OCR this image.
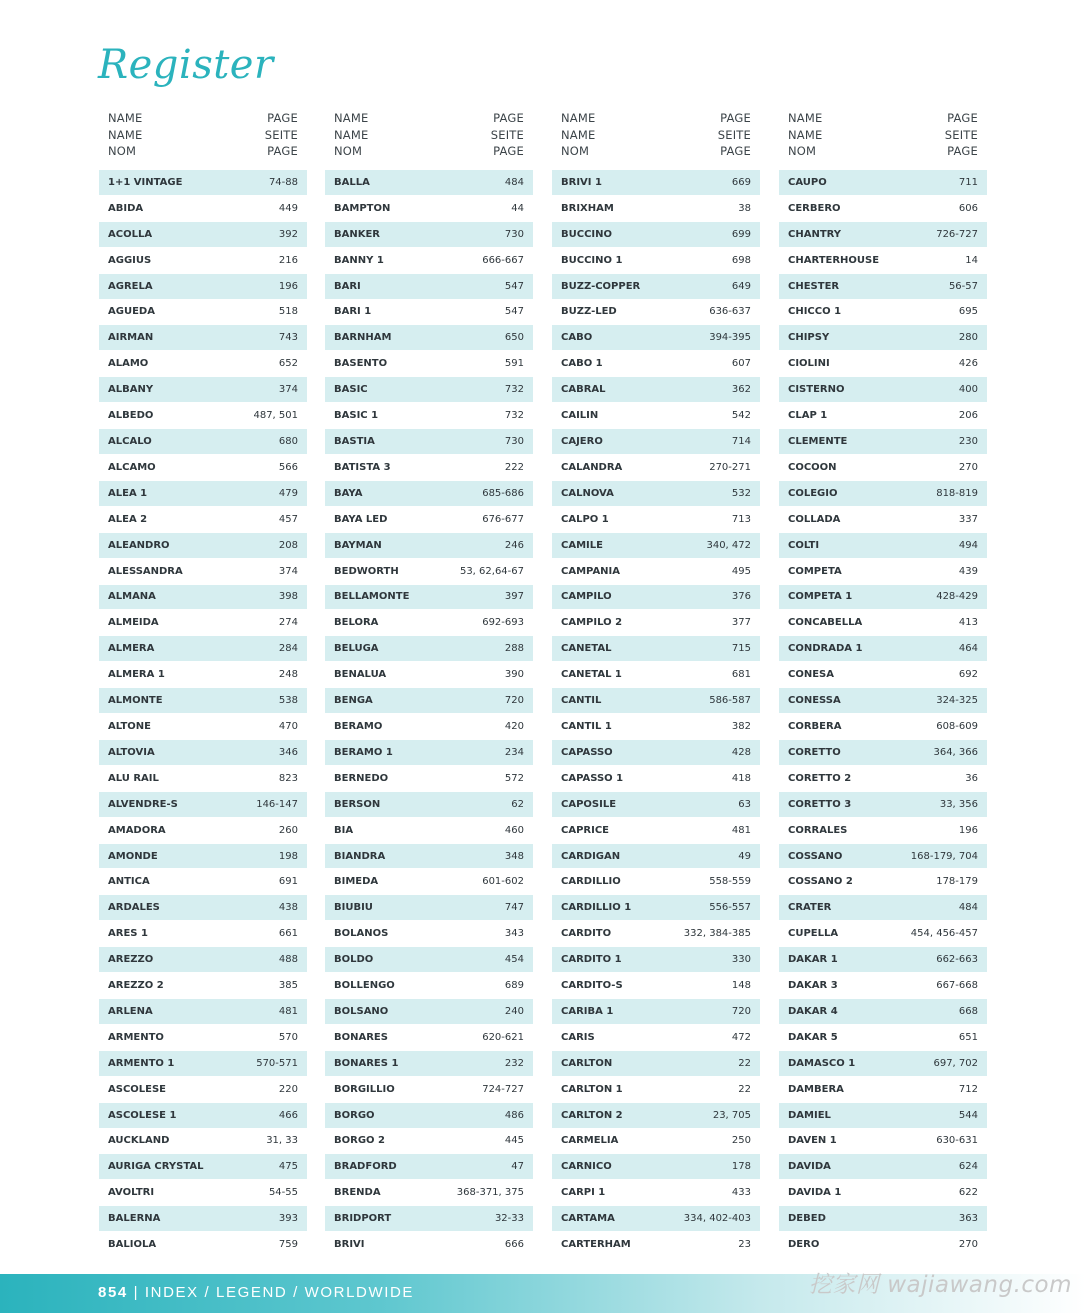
Register
NAME	PAGE
NAME	SEITE
NOM	PAGE
1+1 VINTAGE	74-88
ABIDA	449
ACOLLA	392
AGGIUS	216
AGRELA	196
AGUEDA	518
AIRMAN	743
ALAMO	652
ALBANY	374
ALBEDO	487, 501
ALCALO	680
ALCAMO	566
ALEA 1	479
ALEA 2	457
ALEANDRO	208
ALESSANDRA	374
ALMANA	398
ALMEIDA	274
ALMERA	284
ALMERA 1	248
ALMONTE	538
ALTONE	470
ALTOVIA	346
ALU RAIL	823
ALVENDRE-S	146-147
AMADORA	260
AMONDE	198
ANTICA	691
ARDALES	438
ARES 1	661
AREZZO	488
AREZZO 2	385
ARLENA	481
ARMENTO	570
ARMENTO 1	570-571
ASCOLESE	220
ASCOLESE 1	466
AUCKLAND	31, 33
AURIGA CRYSTAL	475
AVOLTRI	54-55
BALERNA	393
BALIOLA	759
NAME	PAGE
NAME	SEITE
NOM	PAGE
BALLA	484
BAMPTON	44
BANKER	730
BANNY 1	666-667
BARI	547
BARI 1	547
BARNHAM	650
BASENTO	591
BASIC	732
BASIC 1	732
BASTIA	730
BATISTA 3	222
BAYA	685-686
BAYA LED	676-677
BAYMAN	246
BEDWORTH	53, 62,64-67
BELLAMONTE	397
BELORA	692-693
BELUGA	288
BENALUA	390
BENGA	720
BERAMO	420
BERAMO 1	234
BERNEDO	572
BERSON	62
BIA	460
BIANDRA	348
BIMEDA	601-602
BIUBIU	747
BOLANOS	343
BOLDO	454
BOLLENGO	689
BOLSANO	240
BONARES	620-621
BONARES 1	232
BORGILLIO	724-727
BORGO	486
BORGO 2	445
BRADFORD	47
BRENDA	368-371, 375
BRIDPORT	32-33
BRIVI	666
NAME	PAGE
NAME	SEITE
NOM	PAGE
BRIVI 1	669
BRIXHAM	38
BUCCINO	699
BUCCINO 1	698
BUZZ-COPPER	649
BUZZ-LED	636-637
CABO	394-395
CABO 1	607
CABRAL	362
CAILIN	542
CAJERO	714
CALANDRA	270-271
CALNOVA	532
CALPO 1	713
CAMILE	340, 472
CAMPANIA	495
CAMPILO	376
CAMPILO 2	377
CANETAL	715
CANETAL 1	681
CANTIL	586-587
CANTIL 1	382
CAPASSO	428
CAPASSO 1	418
CAPOSILE	63
CAPRICE	481
CARDIGAN	49
CARDILLIO	558-559
CARDILLIO 1	556-557
CARDITO	332, 384-385
CARDITO 1	330
CARDITO-S	148
CARIBA 1	720
CARIS	472
CARLTON	22
CARLTON 1	22
CARLTON 2	23, 705
CARMELIA	250
CARNICO	178
CARPI 1	433
CARTAMA	334, 402-403
CARTERHAM	23
NAME	PAGE
NAME	SEITE
NOM	PAGE
CAUPO	711
CERBERO	606
CHANTRY	726-727
CHARTERHOUSE	14
CHESTER	56-57
CHICCO 1	695
CHIPSY	280
CIOLINI	426
CISTERNO	400
CLAP 1	206
CLEMENTE	230
COCOON	270
COLEGIO	818-819
COLLADA	337
COLTI	494
COMPETA	439
COMPETA 1	428-429
CONCABELLA	413
CONDRADA 1	464
CONESA	692
CONESSA	324-325
CORBERA	608-609
CORETTO	364, 366
CORETTO 2	36
CORETTO 3	33, 356
CORRALES	196
COSSANO	168-179, 704
COSSANO 2	178-179
CRATER	484
CUPELLA	454, 456-457
DAKAR 1	662-663
DAKAR 3	667-668
DAKAR 4	668
DAKAR 5	651
DAMASCO 1	697, 702
DAMBERA	712
DAMIEL	544
DAVEN 1	630-631
DAVIDA	624
DAVIDA 1	622
DEBED	363
DERO	270
854 | INDEX / LEGEND / WORLDWIDE	挖家网 wajiawang.com
